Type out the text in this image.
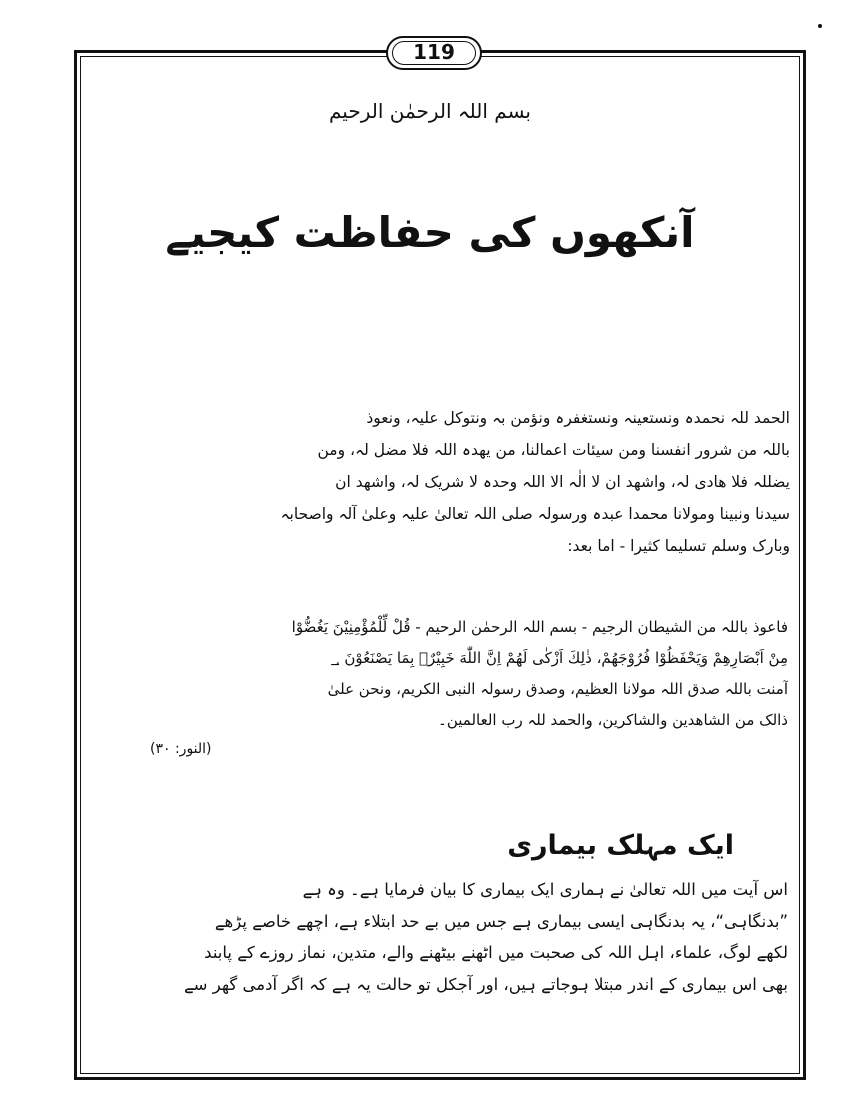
119
بسم اللہ الرحمٰن الرحیم
آنکھوں کی حفاظت کیجیے
الحمد للہ نحمدہ ونستعینہ ونستغفرہ ونؤمن بہ ونتوکل علیہ، ونعوذ
باللہ من شرور انفسنا ومن سیئات اعمالنا، من یھدہ اللہ فلا مضل لہ، ومن
یضللہ فلا ھادی لہ، واشھد ان لا الٰہ الا اللہ وحدہ لا شریک لہ، واشھد ان
سیدنا ونبینا ومولانا محمدا عبدہ ورسولہ صلی اللہ تعالیٰ علیہ وعلیٰ آلہ واصحابہ
وبارک وسلم تسلیما کثیرا - اما بعد:
فاعوذ باللہ من الشیطان الرجیم - بسم اللہ الرحمٰن الرحیم - قُلْ لِّلْمُؤْمِنِيْنَ يَغُضُّوْا
مِنْ اَبْصَارِهِمْ وَيَحْفَظُوْا فُرُوْجَهُمْ، ذٰلِكَ اَزْكٰى لَهُمْ اِنَّ اللّٰهَ خَبِيْرٌۢ بِمَا يَصْنَعُوْنَ ؀
آمنت باللہ صدق اللہ مولانا العظیم، وصدق رسولہ النبی الکریم، ونحن علیٰ
ذالک من الشاھدین والشاکرین، والحمد للہ رب العالمین۔
(النور: ۳۰)
ایک مہلک بیماری
اس آیت میں اللہ تعالیٰ نے ہماری ایک بیماری کا بیان فرمایا ہے۔ وہ ہے
”بدنگاہی“، یہ بدنگاہی ایسی بیماری ہے جس میں بے حد ابتلاء ہے، اچھے خاصے پڑھے
لکھے لوگ، علماء، اہل اللہ کی صحبت میں اٹھنے بیٹھنے والے، متدین، نماز روزے کے پابند
بھی اس بیماری کے اندر مبتلا ہوجاتے ہیں، اور آجکل تو حالت یہ ہے کہ اگر آدمی گھر سے
